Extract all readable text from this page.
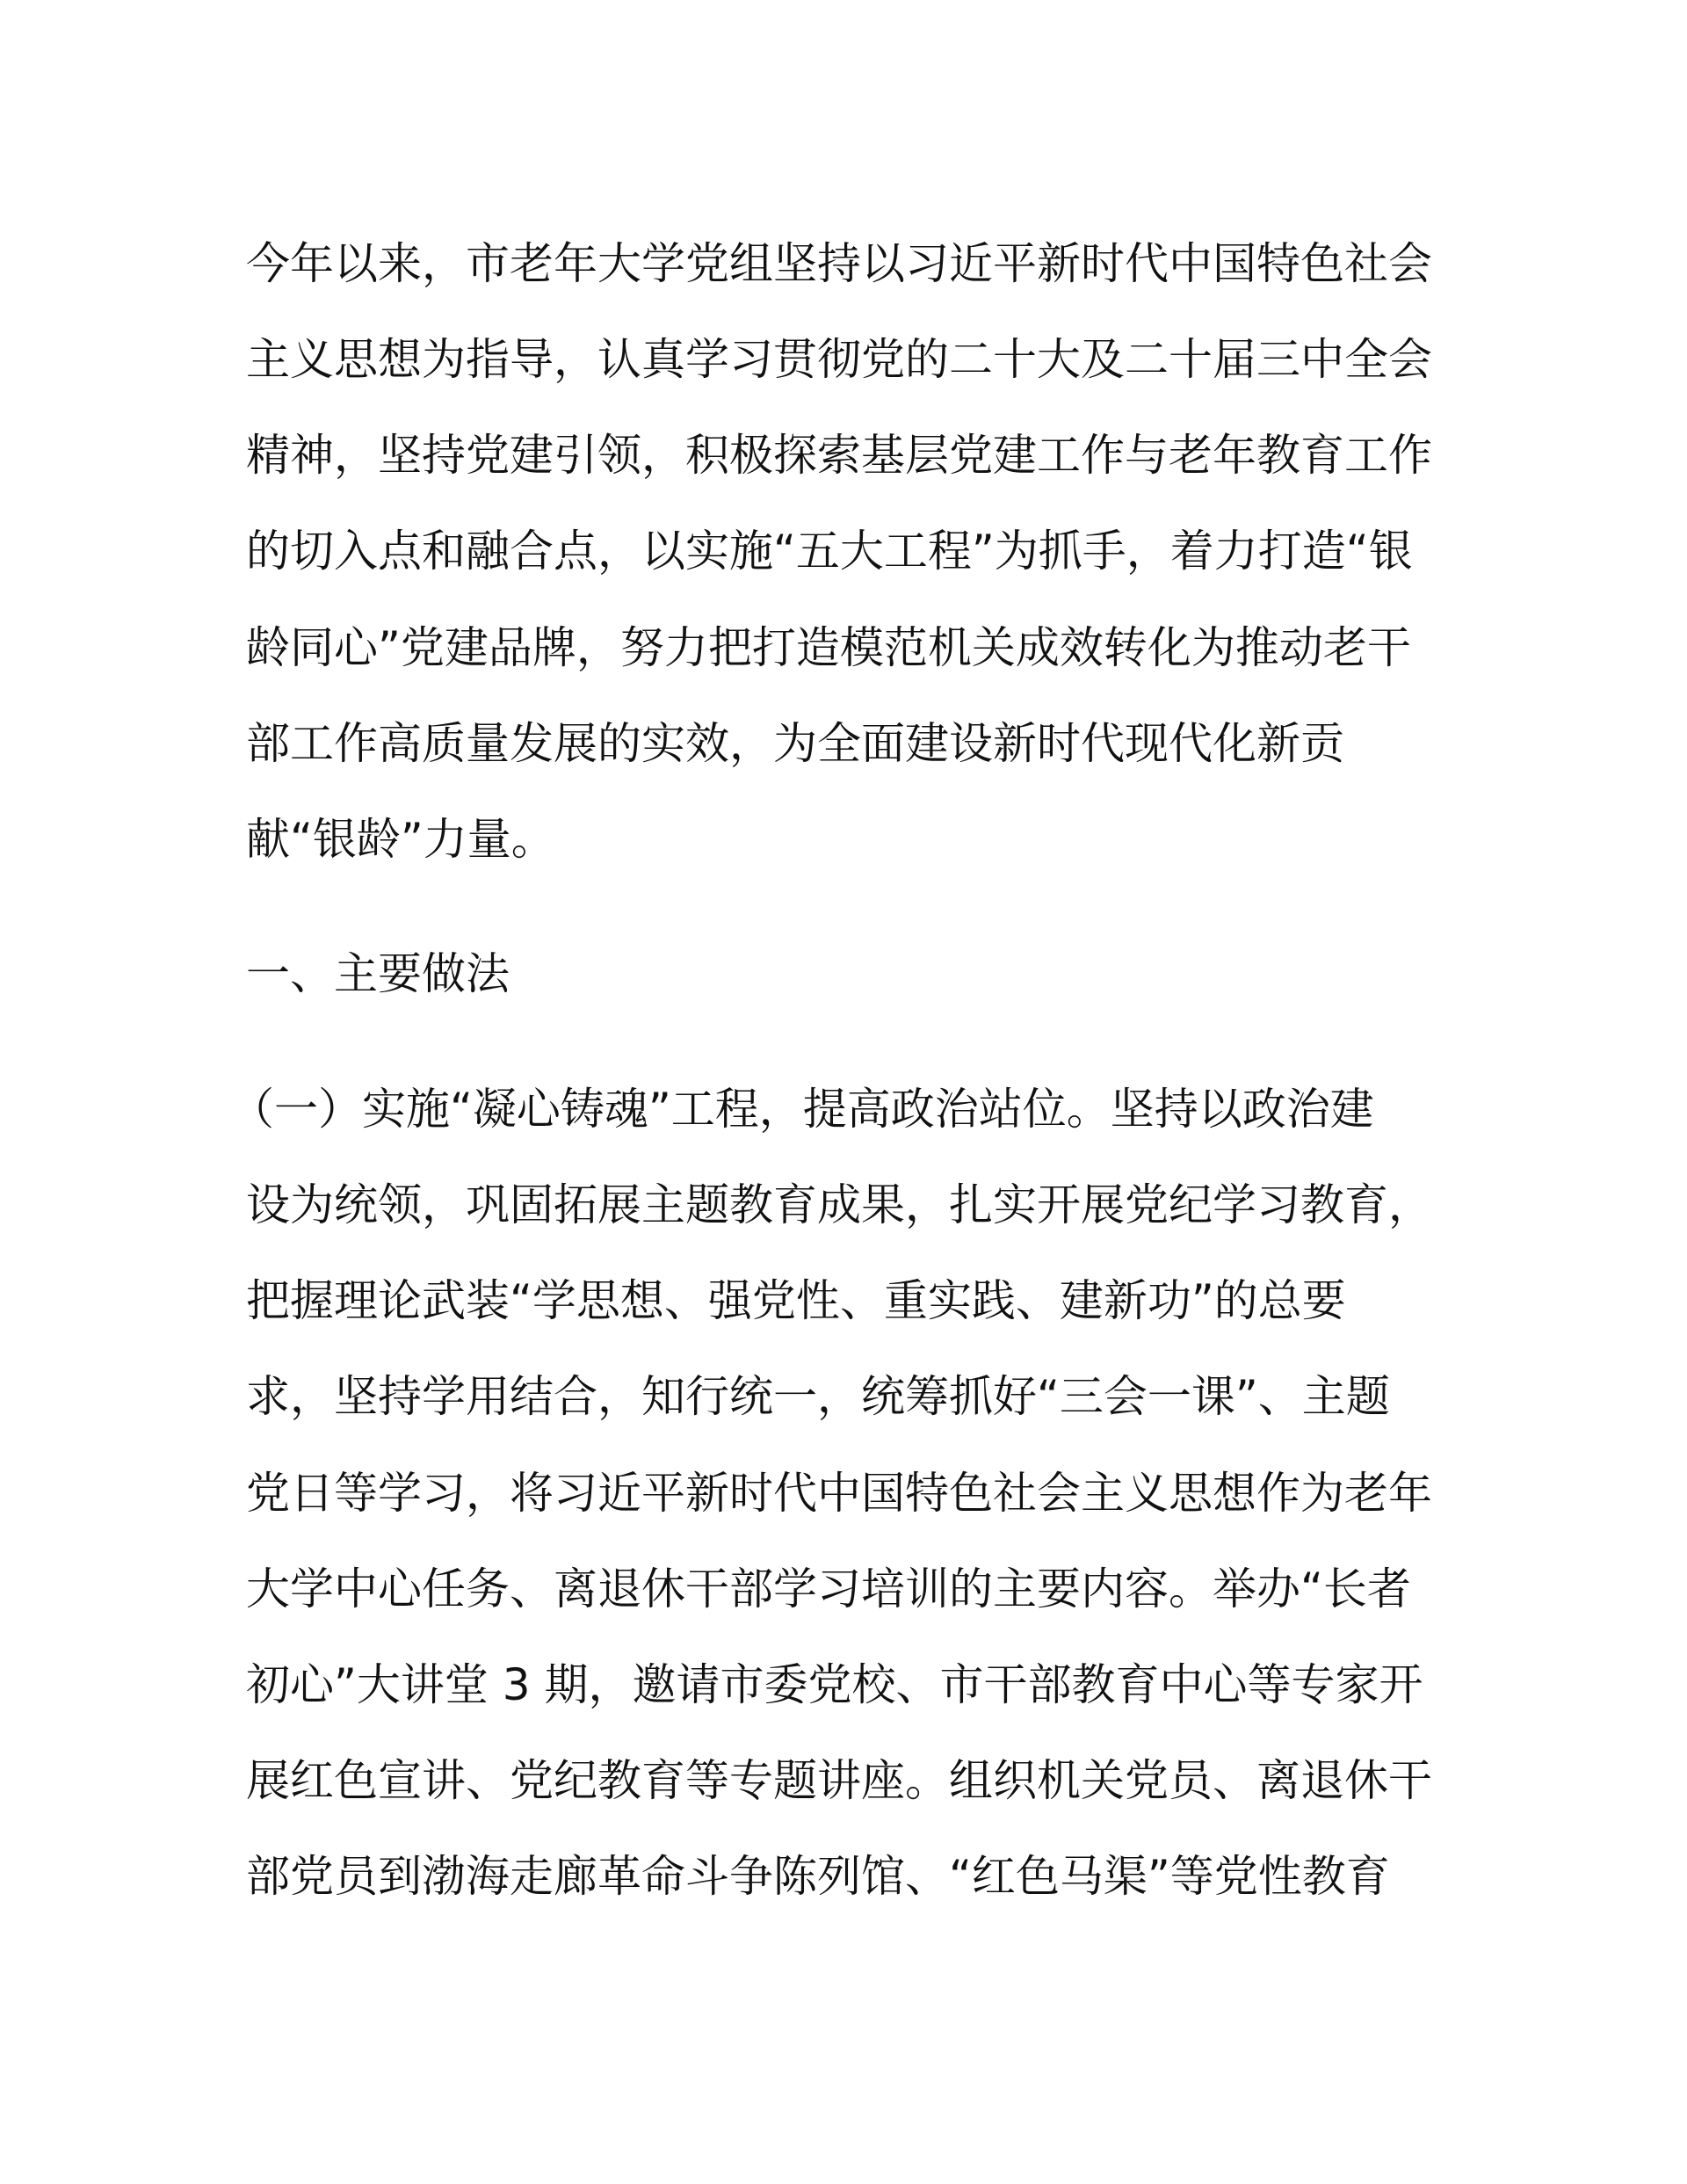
今年以来，市老年大学党组坚持以习近平新时代中国特色社会
主义思想为指导，认真学习贯彻党的二十大及二十届三中全会
精神，坚持党建引领，积极探索基层党建工作与老年教育工作
的切入点和融合点，以实施“五大工程”为抓手，着力打造“银
龄同心”党建品牌，努力把打造模范机关成效转化为推动老干
部工作高质量发展的实效，为全面建设新时代现代化新贡
献“银龄”力量。
一、主要做法
（一）实施“凝心铸魂”工程，提高政治站位。坚持以政治建
设为统领，巩固拓展主题教育成果，扎实开展党纪学习教育，
把握理论武装“学思想、强党性、重实践、建新功”的总要
求，坚持学用结合，知行统一，统筹抓好“三会一课”、主题
党日等学习，将习近平新时代中国特色社会主义思想作为老年
大学中心任务、离退休干部学习培训的主要内容。举办“长者
初心”大讲堂 3 期，邀请市委党校、市干部教育中心等专家开
展红色宣讲、党纪教育等专题讲座。组织机关党员、离退休干
部党员到渤海走廊革命斗争陈列馆、“红色马渠”等党性教育
